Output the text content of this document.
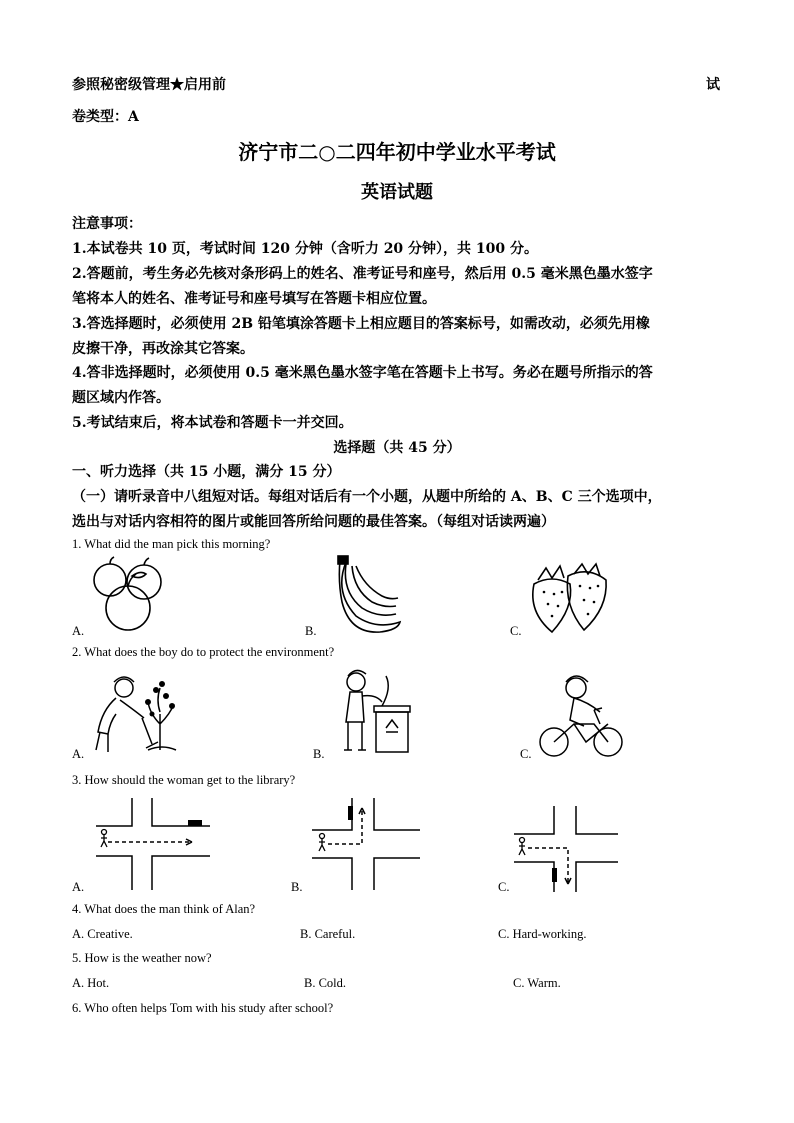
参照秘密级管理★启用前	试
卷类型：A
济宁市二○二四年初中学业水平考试
英语试题
注意事项：
1.本试卷共 10 页，考试时间 120 分钟（含听力 20 分钟），共 100 分。
2.答题前，考生务必先核对条形码上的姓名、准考证号和座号，然后用 0.5 毫米黑色墨水签字
笔将本人的姓名、准考证号和座号填写在答题卡相应位置。
3.答选择题时，必须使用 2B 铅笔填涂答题卡上相应题目的答案标号，如需改动，必须先用橡
皮擦干净，再改涂其它答案。
4.答非选择题时，必须使用 0.5 毫米黑色墨水签字笔在答题卡上书写。务必在题号所指示的答
题区域内作答。
5.考试结束后，将本试卷和答题卡一并交回。
选择题（共 45 分）
一、听力选择（共 15 小题，满分 15 分）
（一）请听录音中八组短对话。每组对话后有一个小题，从题中所给的 A、B、C 三个选项中，
选出与对话内容相符的图片或能回答所给问题的最佳答案。（每组对话读两遍）
1. What did the man pick this morning?
A.	B.	C.
2. What does the boy do to protect the environment?
A.	B.	C.
3. How should the woman get to the library?
A.	B.	C.
4. What does the man think of Alan?
A. Creative.	B. Careful.	C. Hard-working.
5. How is the weather now?
A. Hot.	B. Cold.	C. Warm.
6. Who often helps Tom with his study after school?
